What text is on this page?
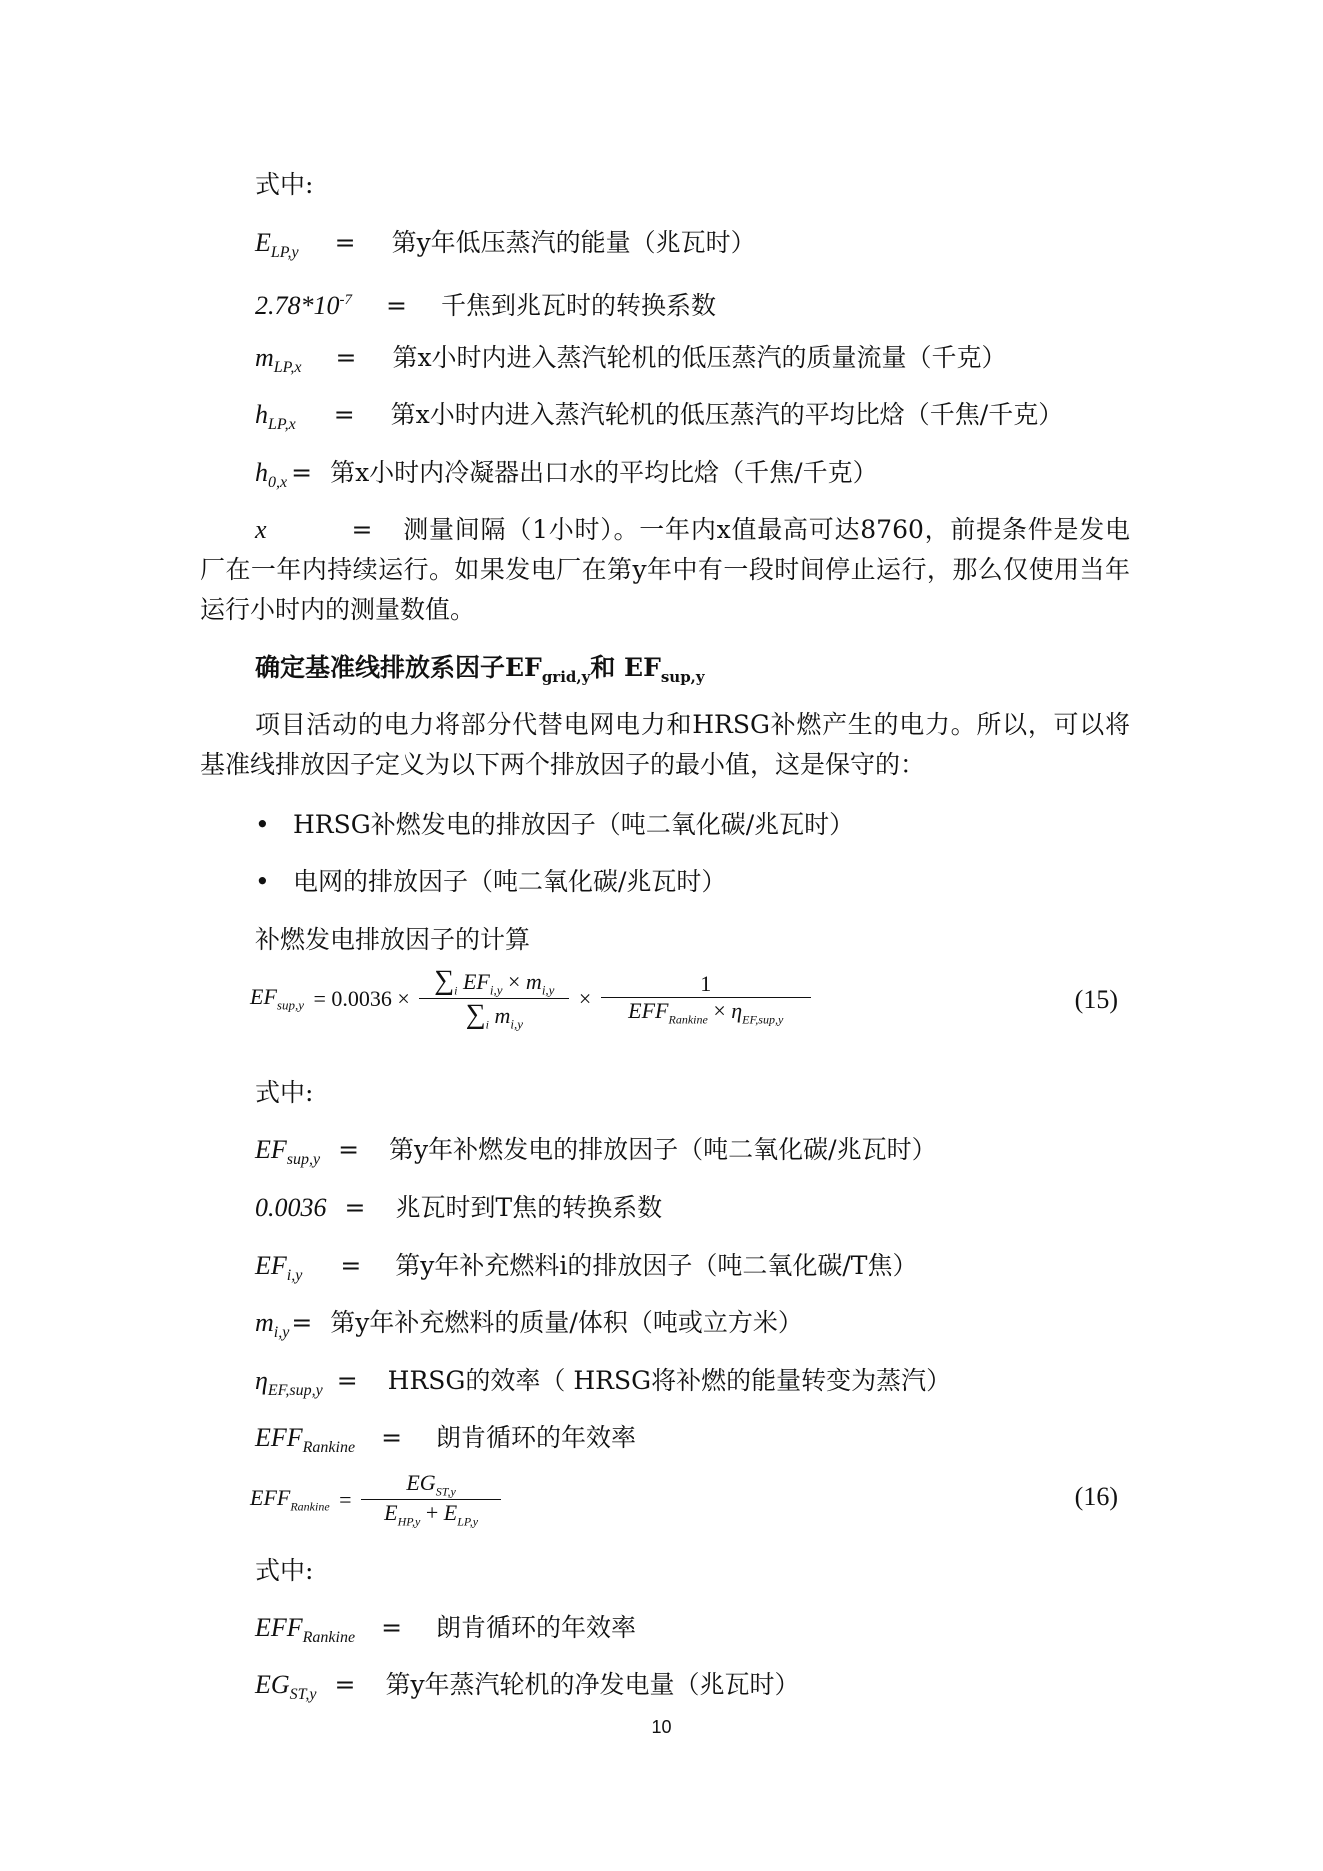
式中:
$E_{LP,y}$ = 第y年低压蒸汽的能量（兆瓦时）
$2.78*10^{-7}$ = 千焦到兆瓦时的转换系数
$m_{LP,x}$ = 第x小时内进入蒸汽轮机的低压蒸汽的质量流量（千克）
$h_{LP,x}$ = 第x小时内进入蒸汽轮机的低压蒸汽的平均比焓（千焦/千克）
$h_{0,x}$ = 第x小时内冷凝器出口水的平均比焓（千焦/千克）
x	= 测量间隔（1小时）。一年内x值最高可达8760，前提条件是发电厂在一年内持续运行。如果发电厂在第y年中有一段时间停止运行，那么仅使用当年运行小时内的测量数值。
确定基准线排放系因子$EF_{grid,y}$和 $EF_{sup,y}$
项目活动的电力将部分代替电网电力和HRSG补燃产生的电力。所以，可以将基准线排放因子定义为以下两个排放因子的最小值，这是保守的：
• HRSG补燃发电的排放因子（吨二氧化碳/兆瓦时）
• 电网的排放因子（吨二氧化碳/兆瓦时）
补燃发电排放因子的计算
$EF_{sup,y} = 0.0036 \times \frac{\sum_i EF_{i,y} \times m_{i,y}}{\sum_i m_{i,y}} \times \frac{1}{EFF_{Rankine} \times \eta_{EF,sup,y}}$	(15)
式中:
$EF_{sup,y}$ = 第y年补燃发电的排放因子（吨二氧化碳/兆瓦时）
0.0036 = 兆瓦时到T焦的转换系数
$EF_{i,y}$ = 第y年补充燃料i的排放因子（吨二氧化碳/T焦）
$m_{i,y}=$ 第y年补充燃料的质量/体积（吨或立方米）
$\eta_{EF,sup,y}$ = HRSG的效率（ HRSG将补燃的能量转变为蒸汽）
$EFF_{Rankine}$ = 朗肯循环的年效率
$EFF_{Rankine} = \frac{EG_{ST,y}}{E_{HP,y} + E_{LP,y}}$	(16)
式中:
$EFF_{Rankine}$ = 朗肯循环的年效率
$EG_{ST,y}$ = 第y年蒸汽轮机的净发电量（兆瓦时）
10
